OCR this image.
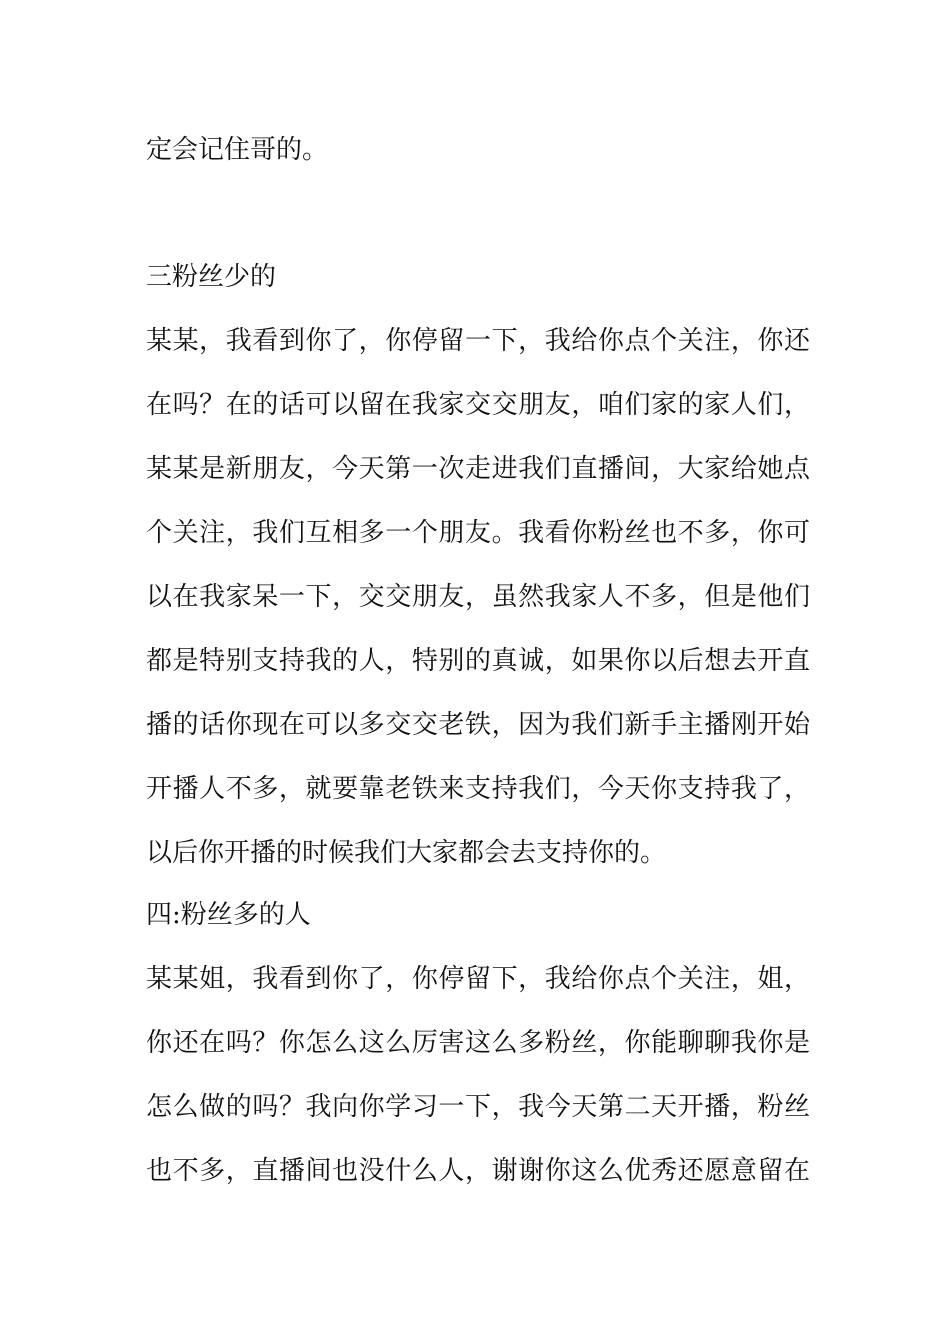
定会记住哥的。
三粉丝少的
某某，我看到你了，你停留一下，我给你点个关注，你还
在吗？在的话可以留在我家交交朋友，咱们家的家人们，
某某是新朋友，今天第一次走进我们直播间，大家给她点
个关注，我们互相多一个朋友。我看你粉丝也不多，你可
以在我家呆一下，交交朋友，虽然我家人不多，但是他们
都是特别支持我的人，特别的真诚，如果你以后想去开直
播的话你现在可以多交交老铁，因为我们新手主播刚开始
开播人不多，就要靠老铁来支持我们，今天你支持我了，
以后你开播的时候我们大家都会去支持你的。
四:粉丝多的人
某某姐，我看到你了，你停留下，我给你点个关注，姐，
你还在吗？你怎么这么厉害这么多粉丝，你能聊聊我你是
怎么做的吗？我向你学习一下，我今天第二天开播，粉丝
也不多，直播间也没什么人，谢谢你这么优秀还愿意留在
